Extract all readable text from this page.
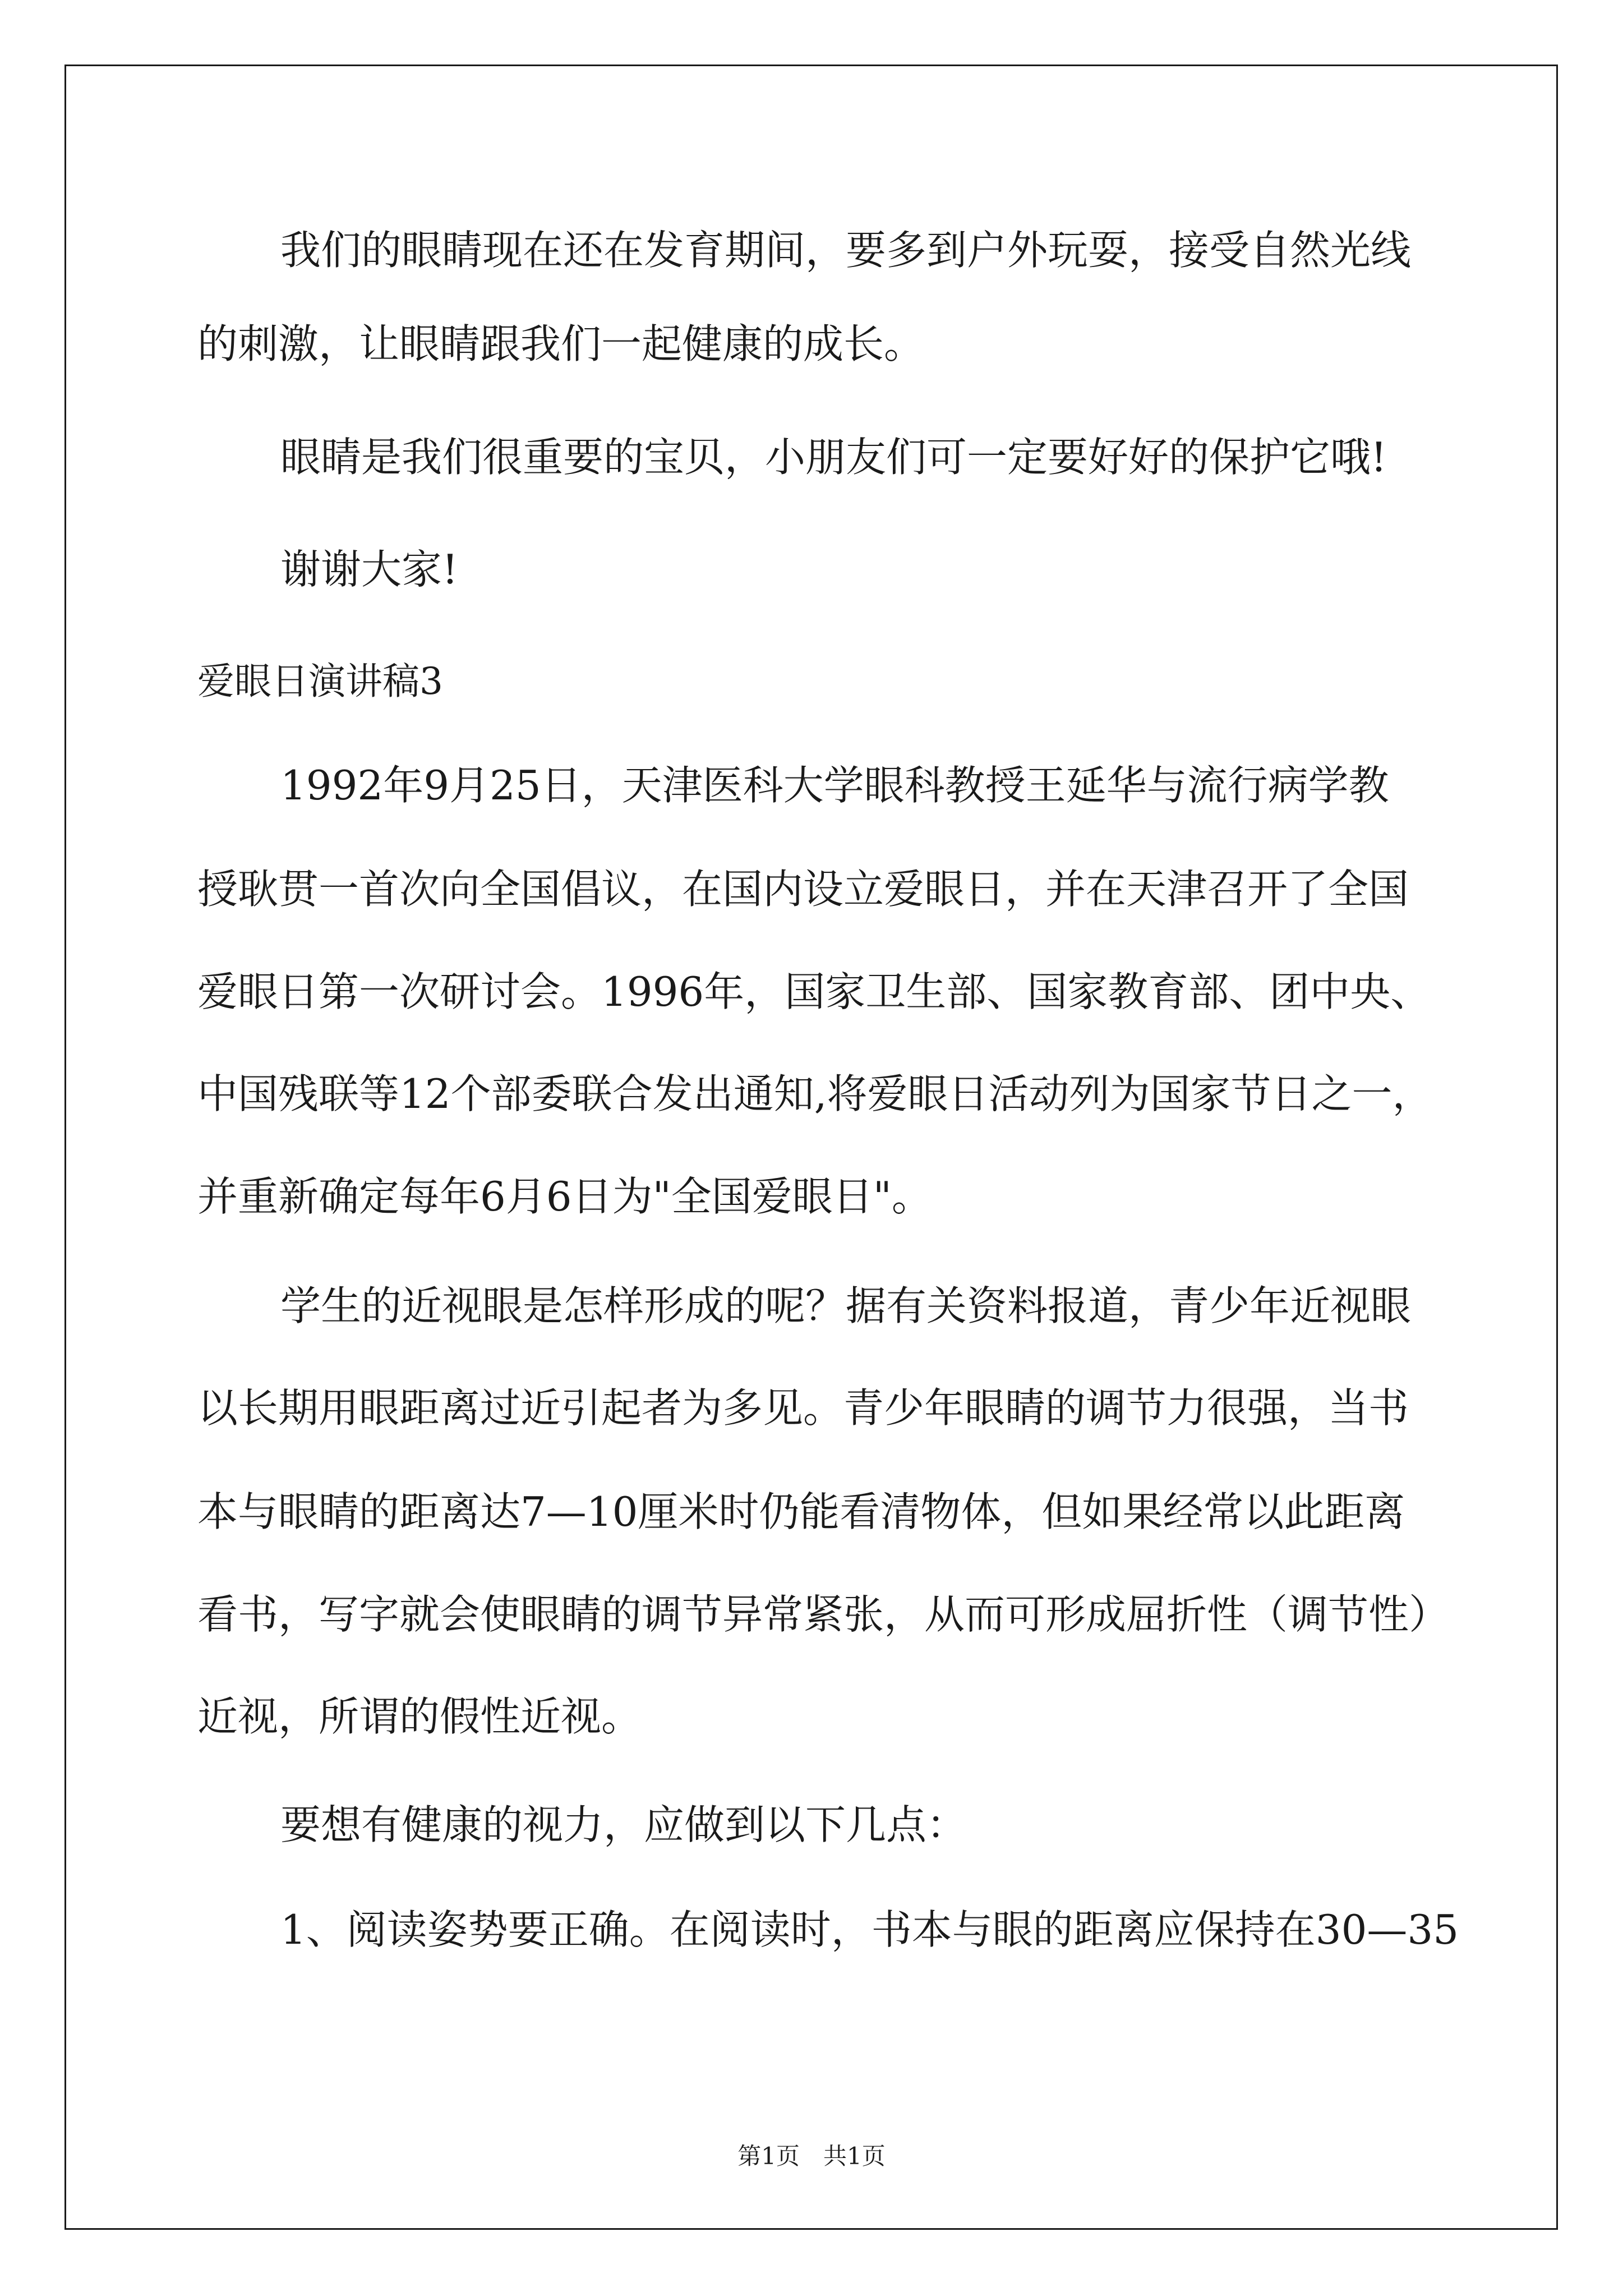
我们的眼睛现在还在发育期间，要多到户外玩耍，接受自然光线

的刺激，让眼睛跟我们一起健康的成长。

眼睛是我们很重要的宝贝，小朋友们可一定要好好的保护它哦!

谢谢大家!

爱眼日演讲稿3

1992年9月25日，天津医科大学眼科教授王延华与流行病学教

授耿贯一首次向全国倡议，在国内设立爱眼日，并在天津召开了全国

爱眼日第一次研讨会。1996年，国家卫生部、国家教育部、团中央、

中国残联等12个部委联合发出通知,将爱眼日活动列为国家节日之一，

并重新确定每年6月6日为"全国爱眼日"。

学生的近视眼是怎样形成的呢？据有关资料报道，青少年近视眼

以长期用眼距离过近引起者为多见。青少年眼睛的调节力很强，当书

本与眼睛的距离达7—10厘米时仍能看清物体，但如果经常以此距离

看书，写字就会使眼睛的调节异常紧张，从而可形成屈折性（调节性）

近视，所谓的假性近视。

要想有健康的视力，应做到以下几点：

1、阅读姿势要正确。在阅读时，书本与眼的距离应保持在30—35

第1页　共1页
